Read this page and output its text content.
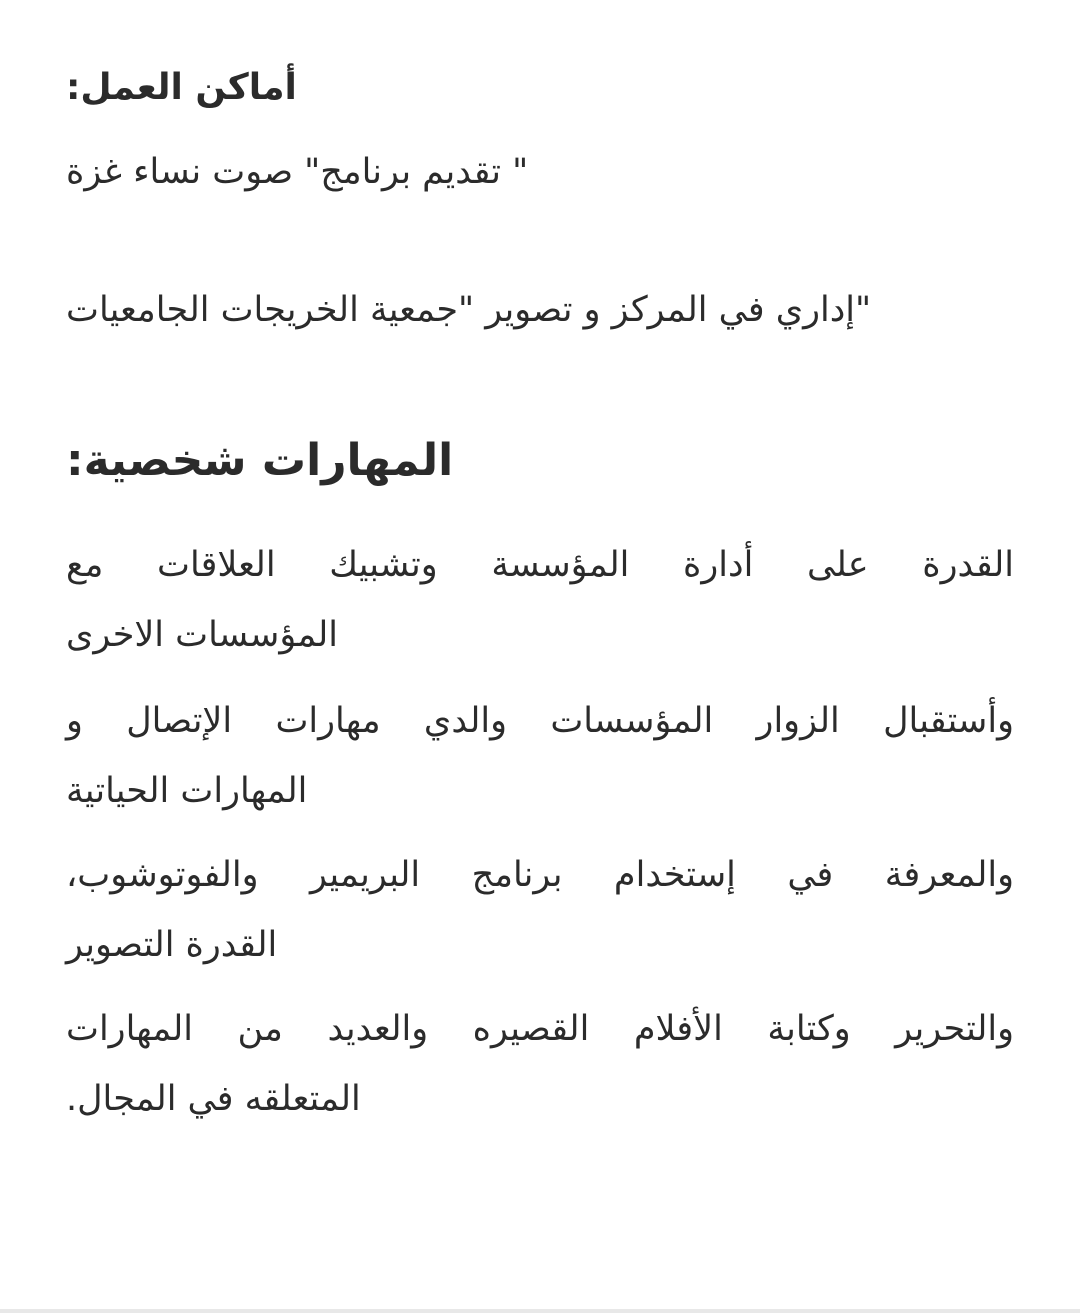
أماكن العمل:
" تقديم برنامج" صوت نساء غزة
"إداري في المركز و تصوير "جمعية الخريجات الجامعيات
المهارات شخصية:
القدرة على أدارة المؤسسة وتشبيك العلاقات مع
المؤسسات الاخرى
وأستقبال الزوار المؤسسات والدي مهارات الإتصال و
المهارات الحياتية
والمعرفة في إستخدام برنامج البريمير والفوتوشوب،
القدرة التصوير
والتحرير وكتابة الأفلام القصيره والعديد من المهارات
المتعلقه في المجال.
